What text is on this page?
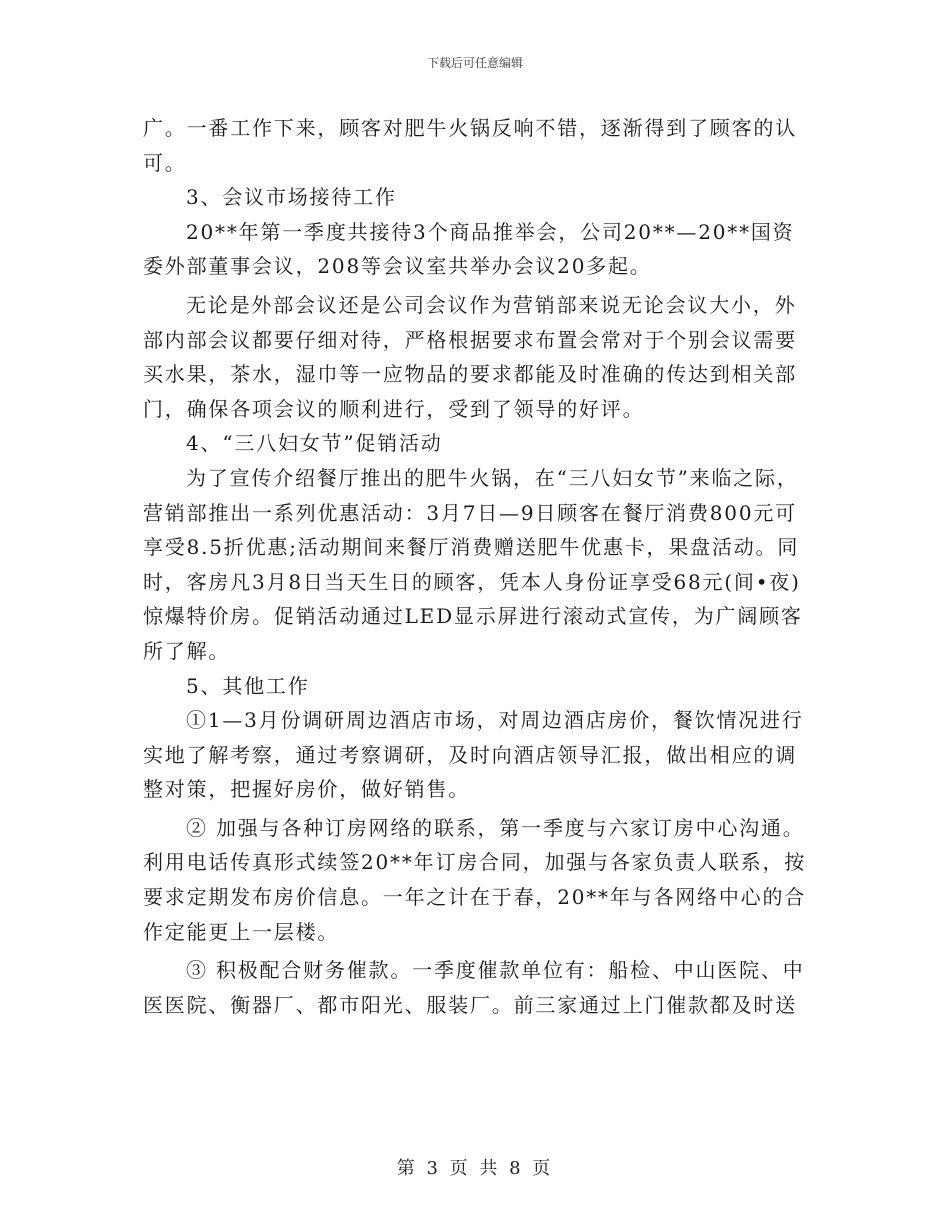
下载后可任意编辑

广。一番工作下来，顾客对肥牛火锅反响不错，逐渐得到了顾客的认可。

3、会议市场接待工作

20**年第一季度共接待3个商品推举会，公司20**—20**国资委外部董事会议，208等会议室共举办会议20多起。

无论是外部会议还是公司会议作为营销部来说无论会议大小，外部内部会议都要仔细对待，严格根据要求布置会常对于个别会议需要买水果，茶水，湿巾等一应物品的要求都能及时准确的传达到相关部门，确保各项会议的顺利进行，受到了领导的好评。

4、“三八妇女节”促销活动

为了宣传介绍餐厅推出的肥牛火锅，在“三八妇女节”来临之际，营销部推出一系列优惠活动：3月7日—9日顾客在餐厅消费800元可享受8.5折优惠;活动期间来餐厅消费赠送肥牛优惠卡，果盘活动。同时，客房凡3月8日当天生日的顾客，凭本人身份证享受68元(间•夜)惊爆特价房。促销活动通过LED显示屏进行滚动式宣传，为广阔顾客所了解。

5、其他工作

①1—3月份调研周边酒店市场，对周边酒店房价，餐饮情况进行实地了解考察，通过考察调研，及时向酒店领导汇报，做出相应的调整对策，把握好房价，做好销售。

② 加强与各种订房网络的联系，第一季度与六家订房中心沟通。利用电话传真形式续签20**年订房合同，加强与各家负责人联系，按要求定期发布房价信息。一年之计在于春，20**年与各网络中心的合作定能更上一层楼。

③ 积极配合财务催款。一季度催款单位有：船检、中山医院、中医医院、衡器厂、都市阳光、服装厂。前三家通过上门催款都及时送

第 3 页 共 8 页
